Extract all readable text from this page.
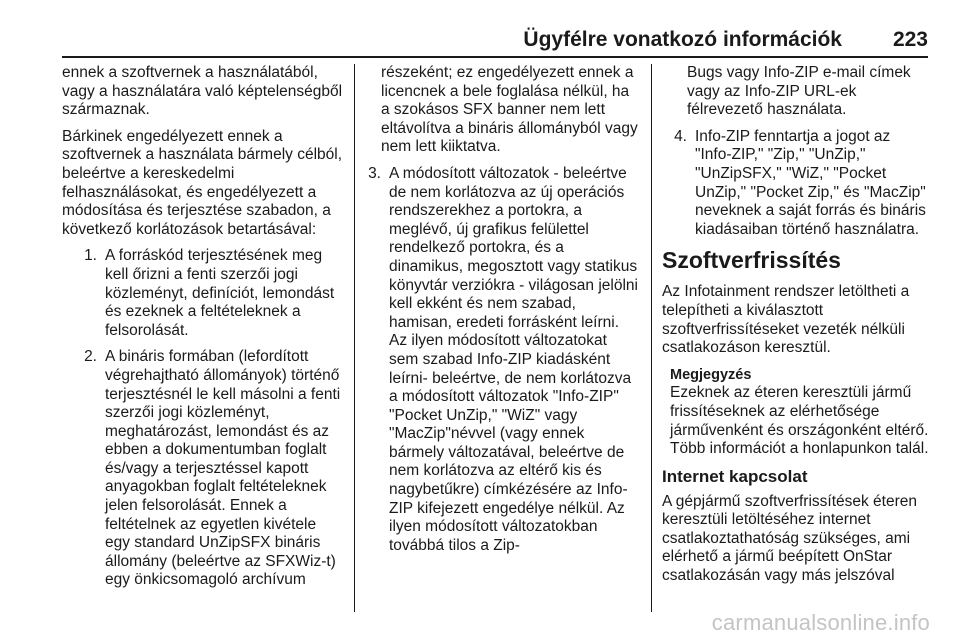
Ügyfélre vonatkozó információk 223

ennek a szoftvernek a használatából, vagy a használatára való képtelenségből származnak.

Bárkinek engedélyezett ennek a szoftvernek a használata bármely célból, beleértve a kereskedelmi felhasználásokat, és engedélyezett a módosítása és terjesztése szabadon, a következő korlátozások betartásával:

1. A forráskód terjesztésének meg kell őrizni a fenti szerzői jogi közleményt, definíciót, lemondást és ezeknek a feltételeknek a felsorolását.
2. A bináris formában (lefordított végrehajtható állományok) történő terjesztésnél le kell másolni a fenti szerzői jogi közleményt, meghatározást, lemondást és az ebben a dokumentumban foglalt és/vagy a terjesztéssel kapott anyagokban foglalt feltételeknek jelen felsorolását. Ennek a feltételnek az egyetlen kivétele egy standard UnZipSFX bináris állomány (beleértve az SFXWiz-t) egy önkicsomagoló archívum

részeként; ez engedélyezett ennek a licencnek a bele foglalása nélkül, ha a szokásos SFX banner nem lett eltávolítva a bináris állományból vagy nem lett kiiktatva.

3. A módosított változatok - beleértve de nem korlátozva az új operációs rendszerekhez a portokra, a meglévő, új grafikus felülettel rendelkező portokra, és a dinamikus, megosztott vagy statikus könyvtár verziókra - világosan jelölni kell ekként és nem szabad, hamisan, eredeti forrásként leírni. Az ilyen módosított változatokat sem szabad Info-ZIP kiadásként leírni- beleértve, de nem korlátozva a módosított változatok "Info-ZIP" "Pocket UnZip," "WiZ" vagy "MacZip"névvel (vagy ennek bármely változatával, beleértve de nem korlátozva az eltérő kis és nagybetűkre) címkézésére az Info-ZIP kifejezett engedélye nélkül. Az ilyen módosított változatokban továbbá tilos a Zip-

Bugs vagy Info-ZIP e-mail címek vagy az Info-ZIP URL-ek félrevezető használata.

4. Info-ZIP fenntartja a jogot az "Info-ZIP," "Zip," "UnZip," "UnZipSFX," "WiZ," "Pocket UnZip," "Pocket Zip," és "MacZip" neveknek a saját forrás és bináris kiadásaiban történő használatra.
Szoftverfrissítés

Az Infotainment rendszer letöltheti a telepítheti a kiválasztott szoftverfrissítéseket vezeték nélküli csatlakozáson keresztül.

Megjegyzés
Ezeknek az éteren keresztüli jármű frissítéseknek az elérhetősége járművenként és országonként eltérő. Több információt a honlapunkon talál.
Internet kapcsolat

A gépjármű szoftverfrissítések éteren keresztüli letöltéséhez internet csatlakoztathatóság szükséges, ami elérhető a jármű beépített OnStar csatlakozásán vagy más jelszóval

carmanualsonline.info
